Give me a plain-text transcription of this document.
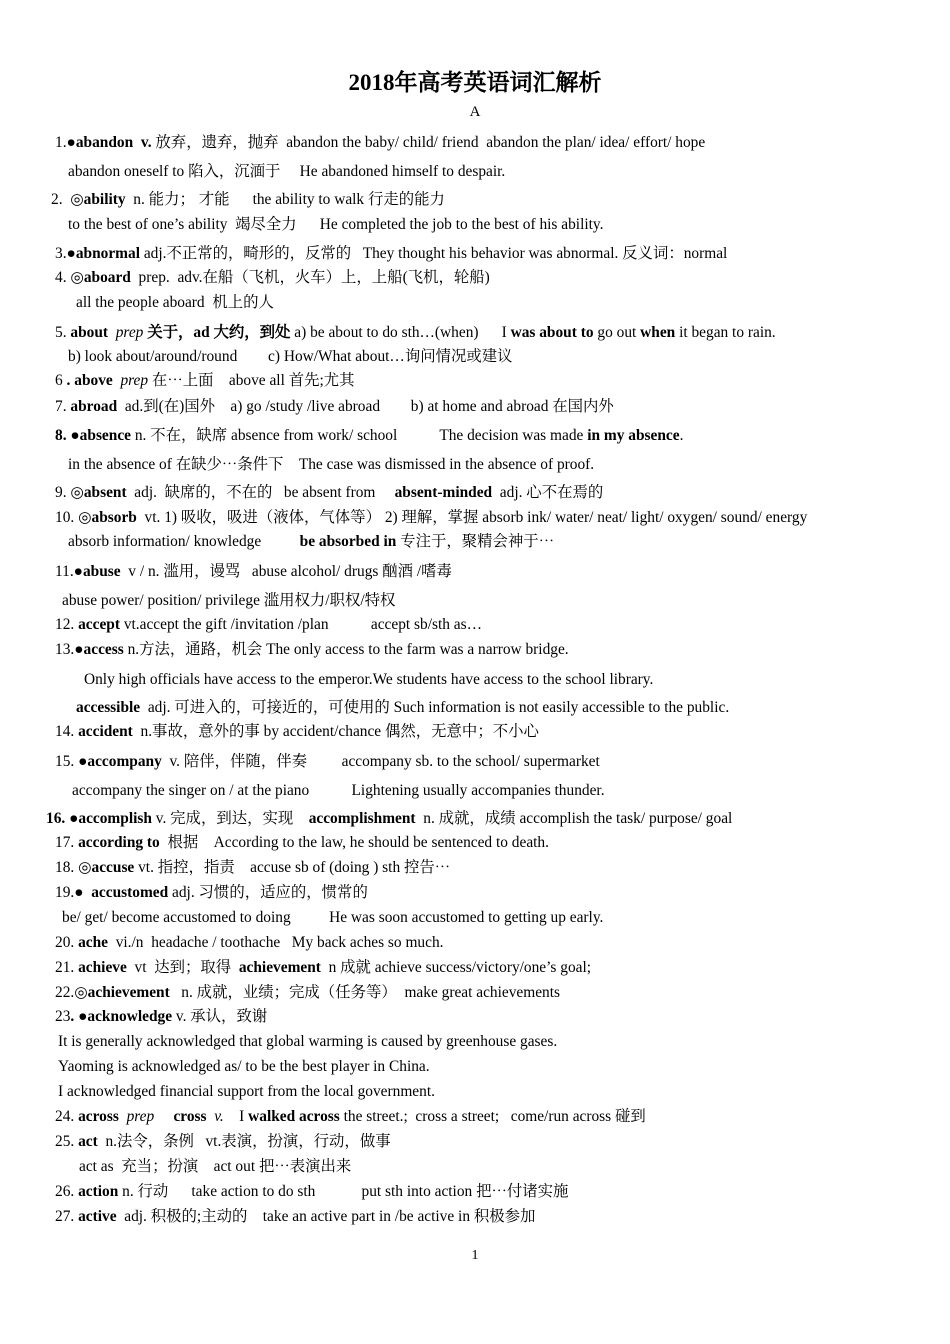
2018年高考英语词汇解析
A
1.●abandon  v. 放弃，遗弃，抛弃  abandon the baby/ child/ friend  abandon the plan/ idea/ effort/ hope
abandon oneself to 陷入，沉湎于     He abandoned himself to despair.
2.  ◎ability  n. 能力； 才能      the ability to walk 行走的能力
to the best of one’s ability  竭尽全力      He completed the job to the best of his ability.
3.●abnormal adj.不正常的，畸形的，反常的   They thought his behavior was abnormal. 反义词：normal
4. ◎aboard  prep.  adv.在船（飞机，火车）上，上船(飞机，轮船)
all the people aboard  机上的人
5. about prep 关于，ad 大约，到处 a) be about to do sth…(when)      I was about to go out when it began to rain.
b) look about/around/round        c) How/What about…询问情况或建议
6 . above prep 在⋯上面    above all 首先;尤其
7. abroad  ad.到(在)国外    a) go /study /live abroad        b) at home and abroad 在国内外
8. ●absence n. 不在，缺席 absence from work/ school           The decision was made in my absence.
in the absence of 在缺少⋯条件下    The case was dismissed in the absence of proof.
9. ◎absent  adj.  缺席的，不在的   be absent from     absent-minded  adj. 心不在焉的
10. ◎absorb  vt. 1) 吸收，吸进（液体，气体等） 2) 理解，掌握 absorb ink/ water/ neat/ light/ oxygen/ sound/ energy
absorb information/ knowledge          be absorbed in 专注于，聚精会神于⋯
11.●abuse  v / n. 滥用，谩骂   abuse alcohol/ drugs 酗酒 /嗜毒
abuse power/ position/ privilege 滥用权力/职权/特权
12. accept vt.accept the gift /invitation /plan           accept sb/sth as…
13.●access n.方法，通路，机会 The only access to the farm was a narrow bridge.
Only high officials have access to the emperor.We students have access to the school library.
accessible  adj. 可进入的，可接近的，可使用的 Such information is not easily accessible to the public.
14. accident  n.事故，意外的事 by accident/chance 偶然，无意中；不小心
15. ●accompany  v. 陪伴，伴随，伴奏         accompany sb. to the school/ supermarket
accompany the singer on / at the piano           Lightening usually accompanies thunder.
16. ●accomplish v. 完成，到达，实现    accomplishment  n. 成就，成绩 accomplish the task/ purpose/ goal
17. according to  根据    According to the law, he should be sentenced to death.
18. ◎accuse vt. 指控，指责    accuse sb of (doing ) sth 控告⋯
19.●  accustomed adj. 习惯的，适应的，惯常的
be/ get/ become accustomed to doing          He was soon accustomed to getting up early.
20. ache  vi./n  headache / toothache   My back aches so much.
21. achieve  vt  达到；取得  achievement  n 成就 achieve success/victory/one’s goal;
22.◎achievement   n. 成就，业绩；完成（任务等）  make great achievements
23. ●acknowledge v. 承认，致谢
It is generally acknowledged that global warming is caused by greenhouse gases.
Yaoming is acknowledged as/ to be the best player in China.
I acknowledged financial support from the local government.
24. across prep cross v.    I walked across the street.;  cross a street;   come/run across 碰到
25. act  n.法令，条例   vt.表演，扮演，行动，做事
act as  充当；扮演    act out 把⋯表演出来
26. action n. 行动      take action to do sth            put sth into action 把⋯付诸实施
27. active  adj. 积极的;主动的    take an active part in /be active in 积极参加
1
